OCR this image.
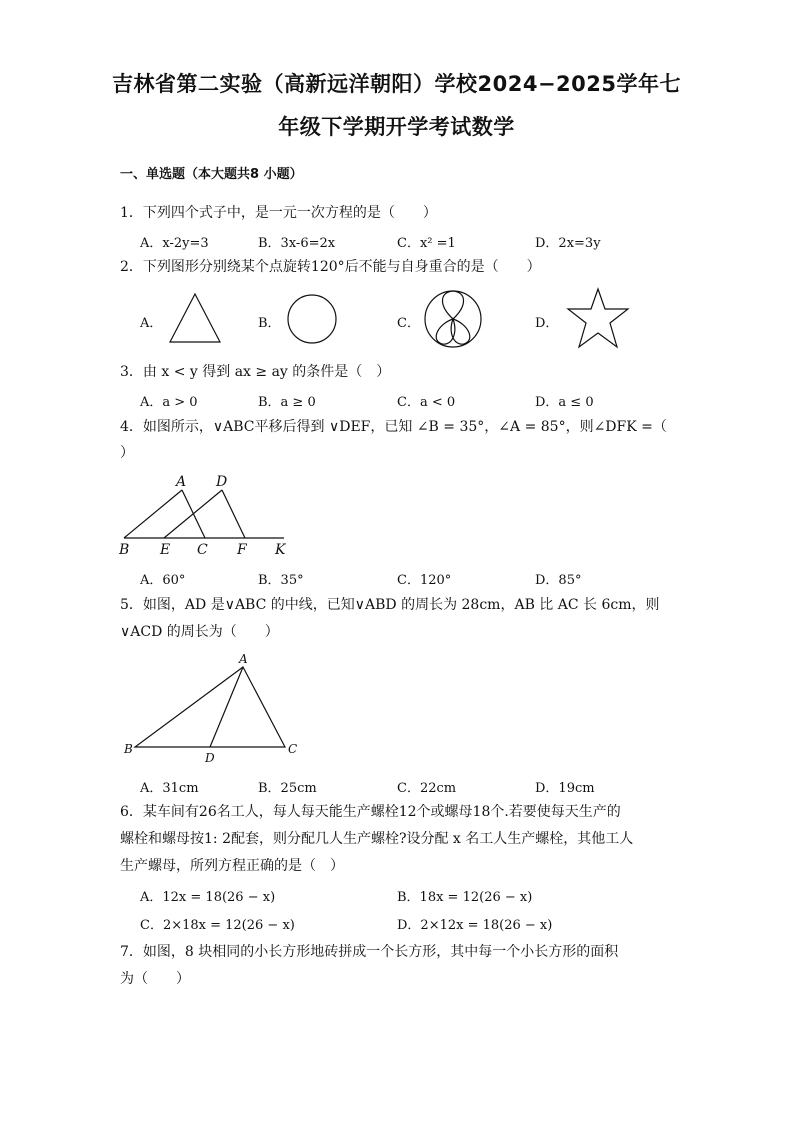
吉林省第二实验（高新远洋朝阳）学校2024−2025学年七
年级下学期开学考试数学
一、单选题（本大题共8 小题）
1．下列四个式子中，是一元一次方程的是（　　）
A．x-2y=3	B．3x-6=2x	C．x² =1	D．2x=3y
2．下列图形分别绕某个点旋转120°后不能与自身重合的是（　　）
A．	B．	C．	D．
3．由 x < y 得到 ax ≥ ay 的条件是（　）
A．a > 0	B．a ≥ 0	C．a < 0	D．a ≤ 0
4．如图所示，∨ABC平移后得到 ∨DEF，已知 ∠B = 35°，∠A = 85°，则∠DFK =（
）
A D
B E C F K
A．60°	B．35°	C．120°	D．85°
5．如图，AD 是∨ABC 的中线，已知∨ABD 的周长为 28cm，AB 比 AC 长 6cm，则
∨ACD 的周长为（　　）
A
B
D
C
A．31cm	B．25cm	C．22cm	D．19cm
6．某车间有26名工人，每人每天能生产螺栓12个或螺母18个.若要使每天生产的
螺栓和螺母按1: 2配套，则分配几人生产螺栓?设分配 x 名工人生产螺栓，其他工人
生产螺母，所列方程正确的是（　）
A．12x = 18(26 − x)	B．18x = 12(26 − x)
C．2×18x = 12(26 − x)	D．2×12x = 18(26 − x)
7．如图，8 块相同的小长方形地砖拼成一个长方形，其中每一个小长方形的面积
为（　　）
